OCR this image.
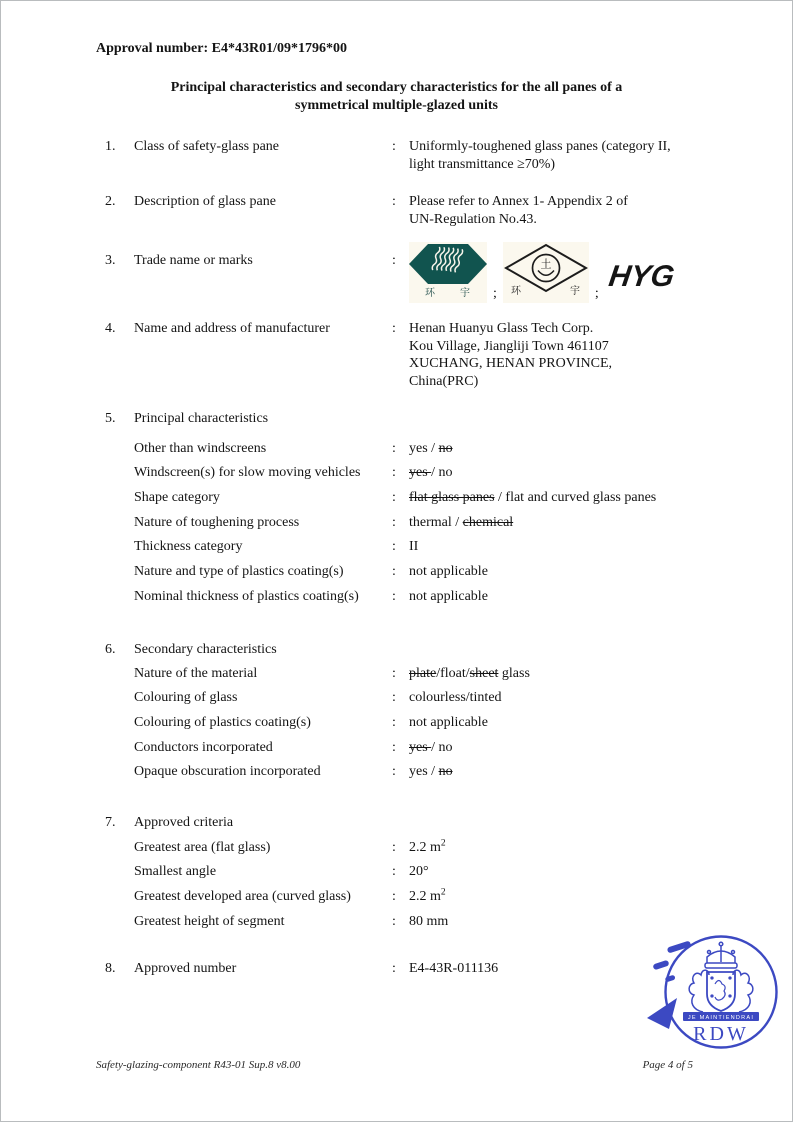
Approval number: E4*43R01/09*1796*00
Principal characteristics and secondary characteristics for the all panes of a
symmetrical multiple-glazed units
1.	Class of safety-glass pane	: Uniformly-toughened glass panes (category II,
light transmittance ≥70%)
2.	Description of glass pane	: Please refer to Annex 1- Appendix 2 of
UN-Regulation No.43.
3.	Trade name or marks	:
环	宇 ;
土
环	宇 ;
HYG
4.	Name and address of manufacturer	: Henan Huanyu Glass Tech Corp.
Kou Village, Jiangliji Town 461107
XUCHANG, HENAN PROVINCE,
China(PRC)
5.	Principal characteristics
Other than windscreens	: yes / no
Windscreen(s) for slow moving vehicles	: yes / no
Shape category	: flat glass panes / flat and curved glass panes
Nature of toughening process	: thermal / chemical
Thickness category	: II
Nature and type of plastics coating(s)	: not applicable
Nominal thickness of plastics coating(s)	: not applicable
6.	Secondary characteristics
Nature of the material	: plate/float/sheet glass
Colouring of glass	: colourless/tinted
Colouring of plastics coating(s)	: not applicable
Conductors incorporated	: yes / no
Opaque obscuration incorporated	: yes / no
7.	Approved criteria
Greatest area (flat glass)	: 2.2 $m^2$
Smallest angle	: 20°
Greatest developed area (curved glass)	: 2.2 $m^2$
Greatest height of segment	: 80 mm
8.	Approved number	: E4-43R-011136
JE MAINTIENDRAI
RDW
Safety-glazing-component R43-01 Sup.8 v8.00	Page 4 of 5
